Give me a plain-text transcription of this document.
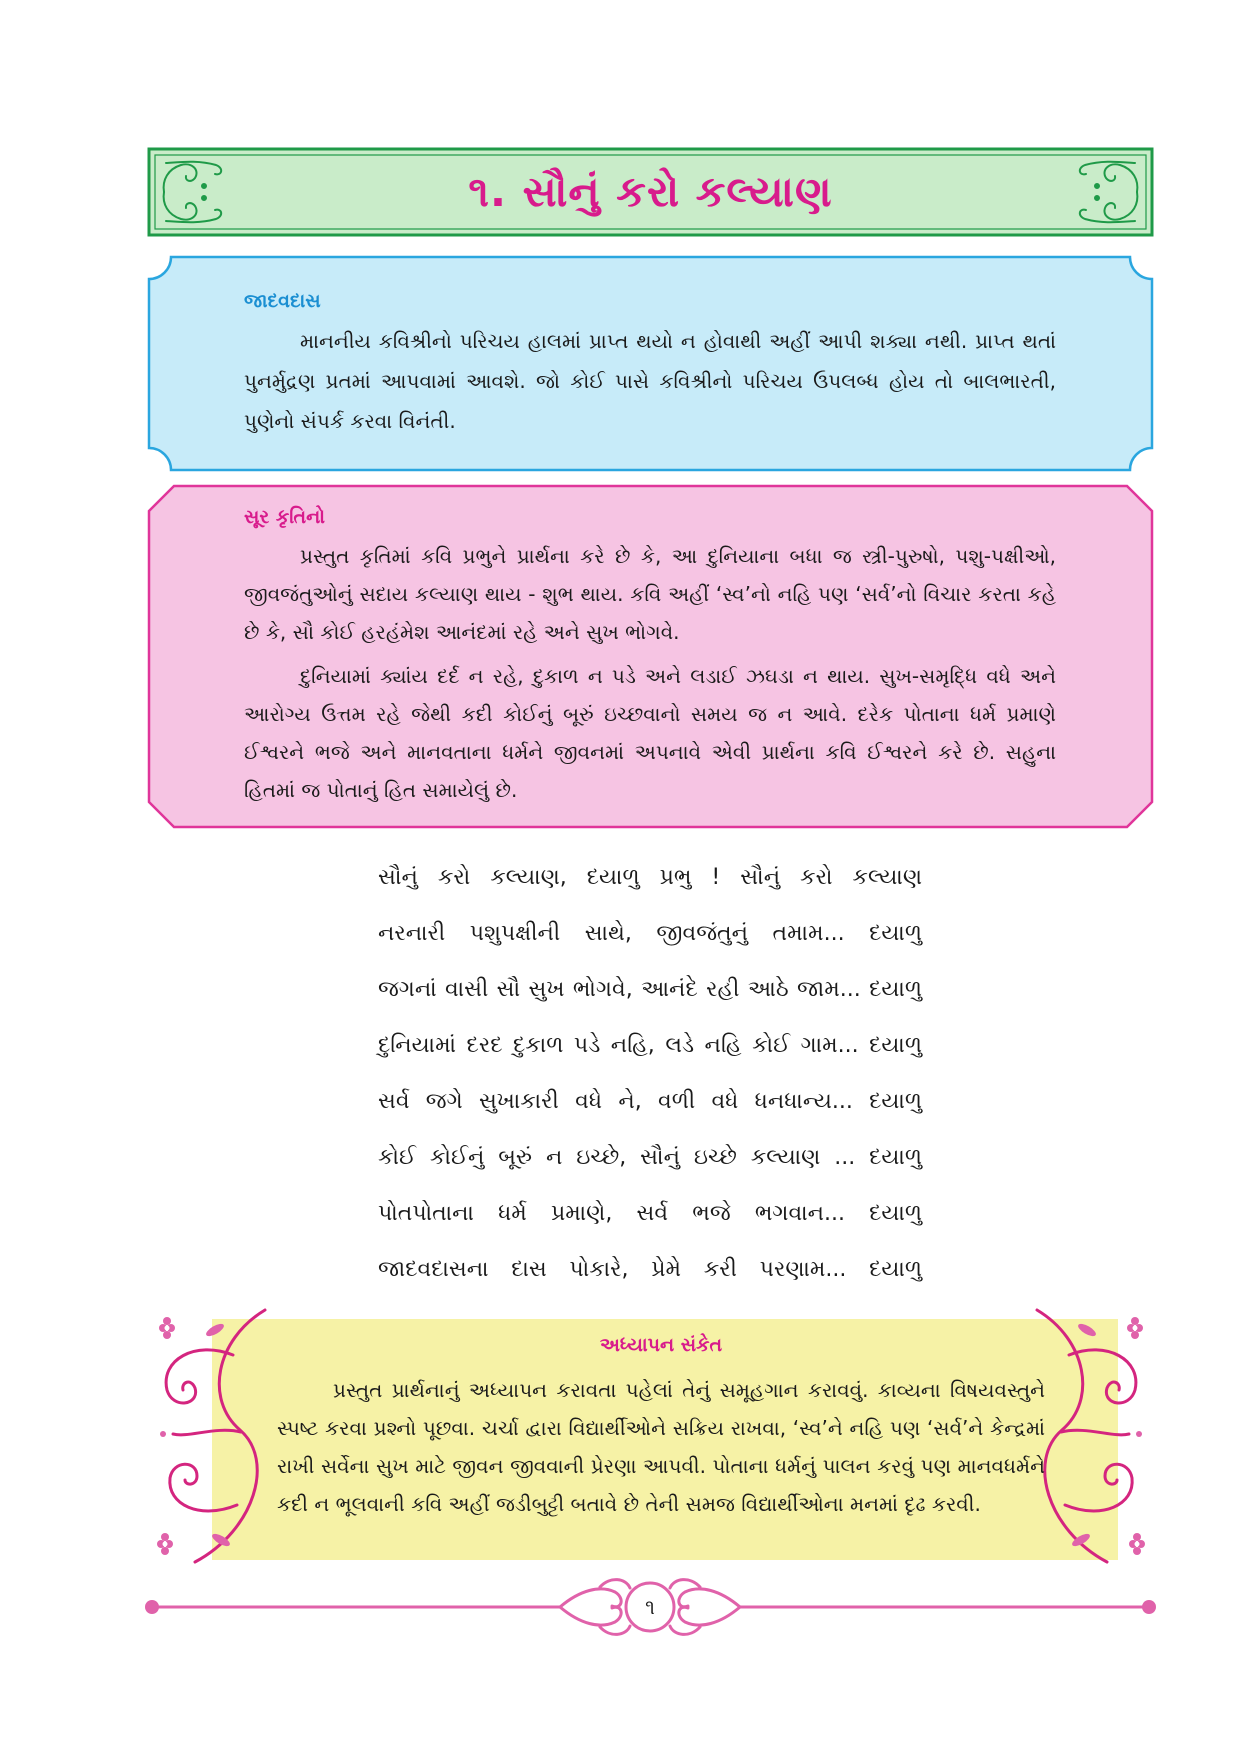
૧. સૌનું કરો કલ્યાણ
જાદવદાસ

માનનીય કવિશ્રીનો પરિચય હાલમાં પ્રાપ્ત થયો ન હોવાથી અહીં આપી શક્યા નથી. પ્રાપ્ત થતાં પુનર્મુદ્રણ પ્રતમાં આપવામાં આવશે. જો કોઈ પાસે કવિશ્રીનો પરિચય ઉપલબ્ધ હોય તો બાલભારતી, પુણેનો સંપર્ક કરવા વિનંતી.

સૂર કૃતિનો

પ્રસ્તુત કૃતિમાં કવિ પ્રભુને પ્રાર્થના કરે છે કે, આ દુનિયાના બધા જ સ્ત્રી-પુરુષો, પશુ-પક્ષીઓ, જીવજંતુઓનું સદાય કલ્યાણ થાય - શુભ થાય. કવિ અહીં ‘સ્વ’નો નહિ પણ ‘સર્વ’નો વિચાર કરતા કહે છે કે, સૌ કોઈ હરહંમેશ આનંદમાં રહે અને સુખ ભોગવે.

દુનિયામાં ક્યાંય દર્દ ન રહે, દુકાળ ન પડે અને લડાઈ ઝઘડા ન થાય. સુખ-સમૃદ્ધિ વધે અને આરોગ્ય ઉત્તમ રહે જેથી કદી કોઈનું બૂરું ઇચ્છવાનો સમય જ ન આવે. દરેક પોતાના ધર્મ પ્રમાણે ઈશ્વરને ભજે અને માનવતાના ધર્મને જીવનમાં અપનાવે એવી પ્રાર્થના કવિ ઈશ્વરને કરે છે. સહુના હિતમાં જ પોતાનું હિત સમાયેલું છે.

સૌનું કરો કલ્યાણ, દયાળુ પ્રભુ ! સૌનું કરો કલ્યાણ
નરનારી પશુપક્ષીની સાથે, જીવજંતુનું તમામ... દયાળુ
જગનાં વાસી સૌ સુખ ભોગવે, આનંદે રહી આઠે જામ... દયાળુ
દુનિયામાં દરદ દુકાળ પડે નહિ, લડે નહિ કોઈ ગામ... દયાળુ
સર્વ જગે સુખાકારી વધે ને, વળી વધે ધનધાન્ય... દયાળુ
કોઈ કોઈનું બૂરું ન ઇચ્છે, સૌનું ઇચ્છે કલ્યાણ ... દયાળુ
પોતપોતાના ધર્મ પ્રમાણે, સર્વ ભજે ભગવાન... દયાળુ
જાદવદાસના દાસ પોકારે, પ્રેમે કરી પરણામ... દયાળુ
અધ્યાપન સંકેત

પ્રસ્તુત પ્રાર્થનાનું અધ્યાપન કરાવતા પહેલાં તેનું સમૂહગાન કરાવવું. કાવ્યના વિષયવસ્તુને સ્પષ્ટ કરવા પ્રશ્નો પૂછવા. ચર્ચા દ્વારા વિદ્યાર્થીઓને સક્રિય રાખવા, ‘સ્વ’ને નહિ પણ ‘સર્વ’ને કેન્દ્રમાં રાખી સર્વેના સુખ માટે જીવન જીવવાની પ્રેરણા આપવી. પોતાના ધર્મનું પાલન કરવું પણ માનવધર્મને કદી ન ભૂલવાની કવિ અહીં જડીબુટ્ટી બતાવે છે તેની સમજ વિદ્યાર્થીઓના મનમાં દૃઢ કરવી.

૧
